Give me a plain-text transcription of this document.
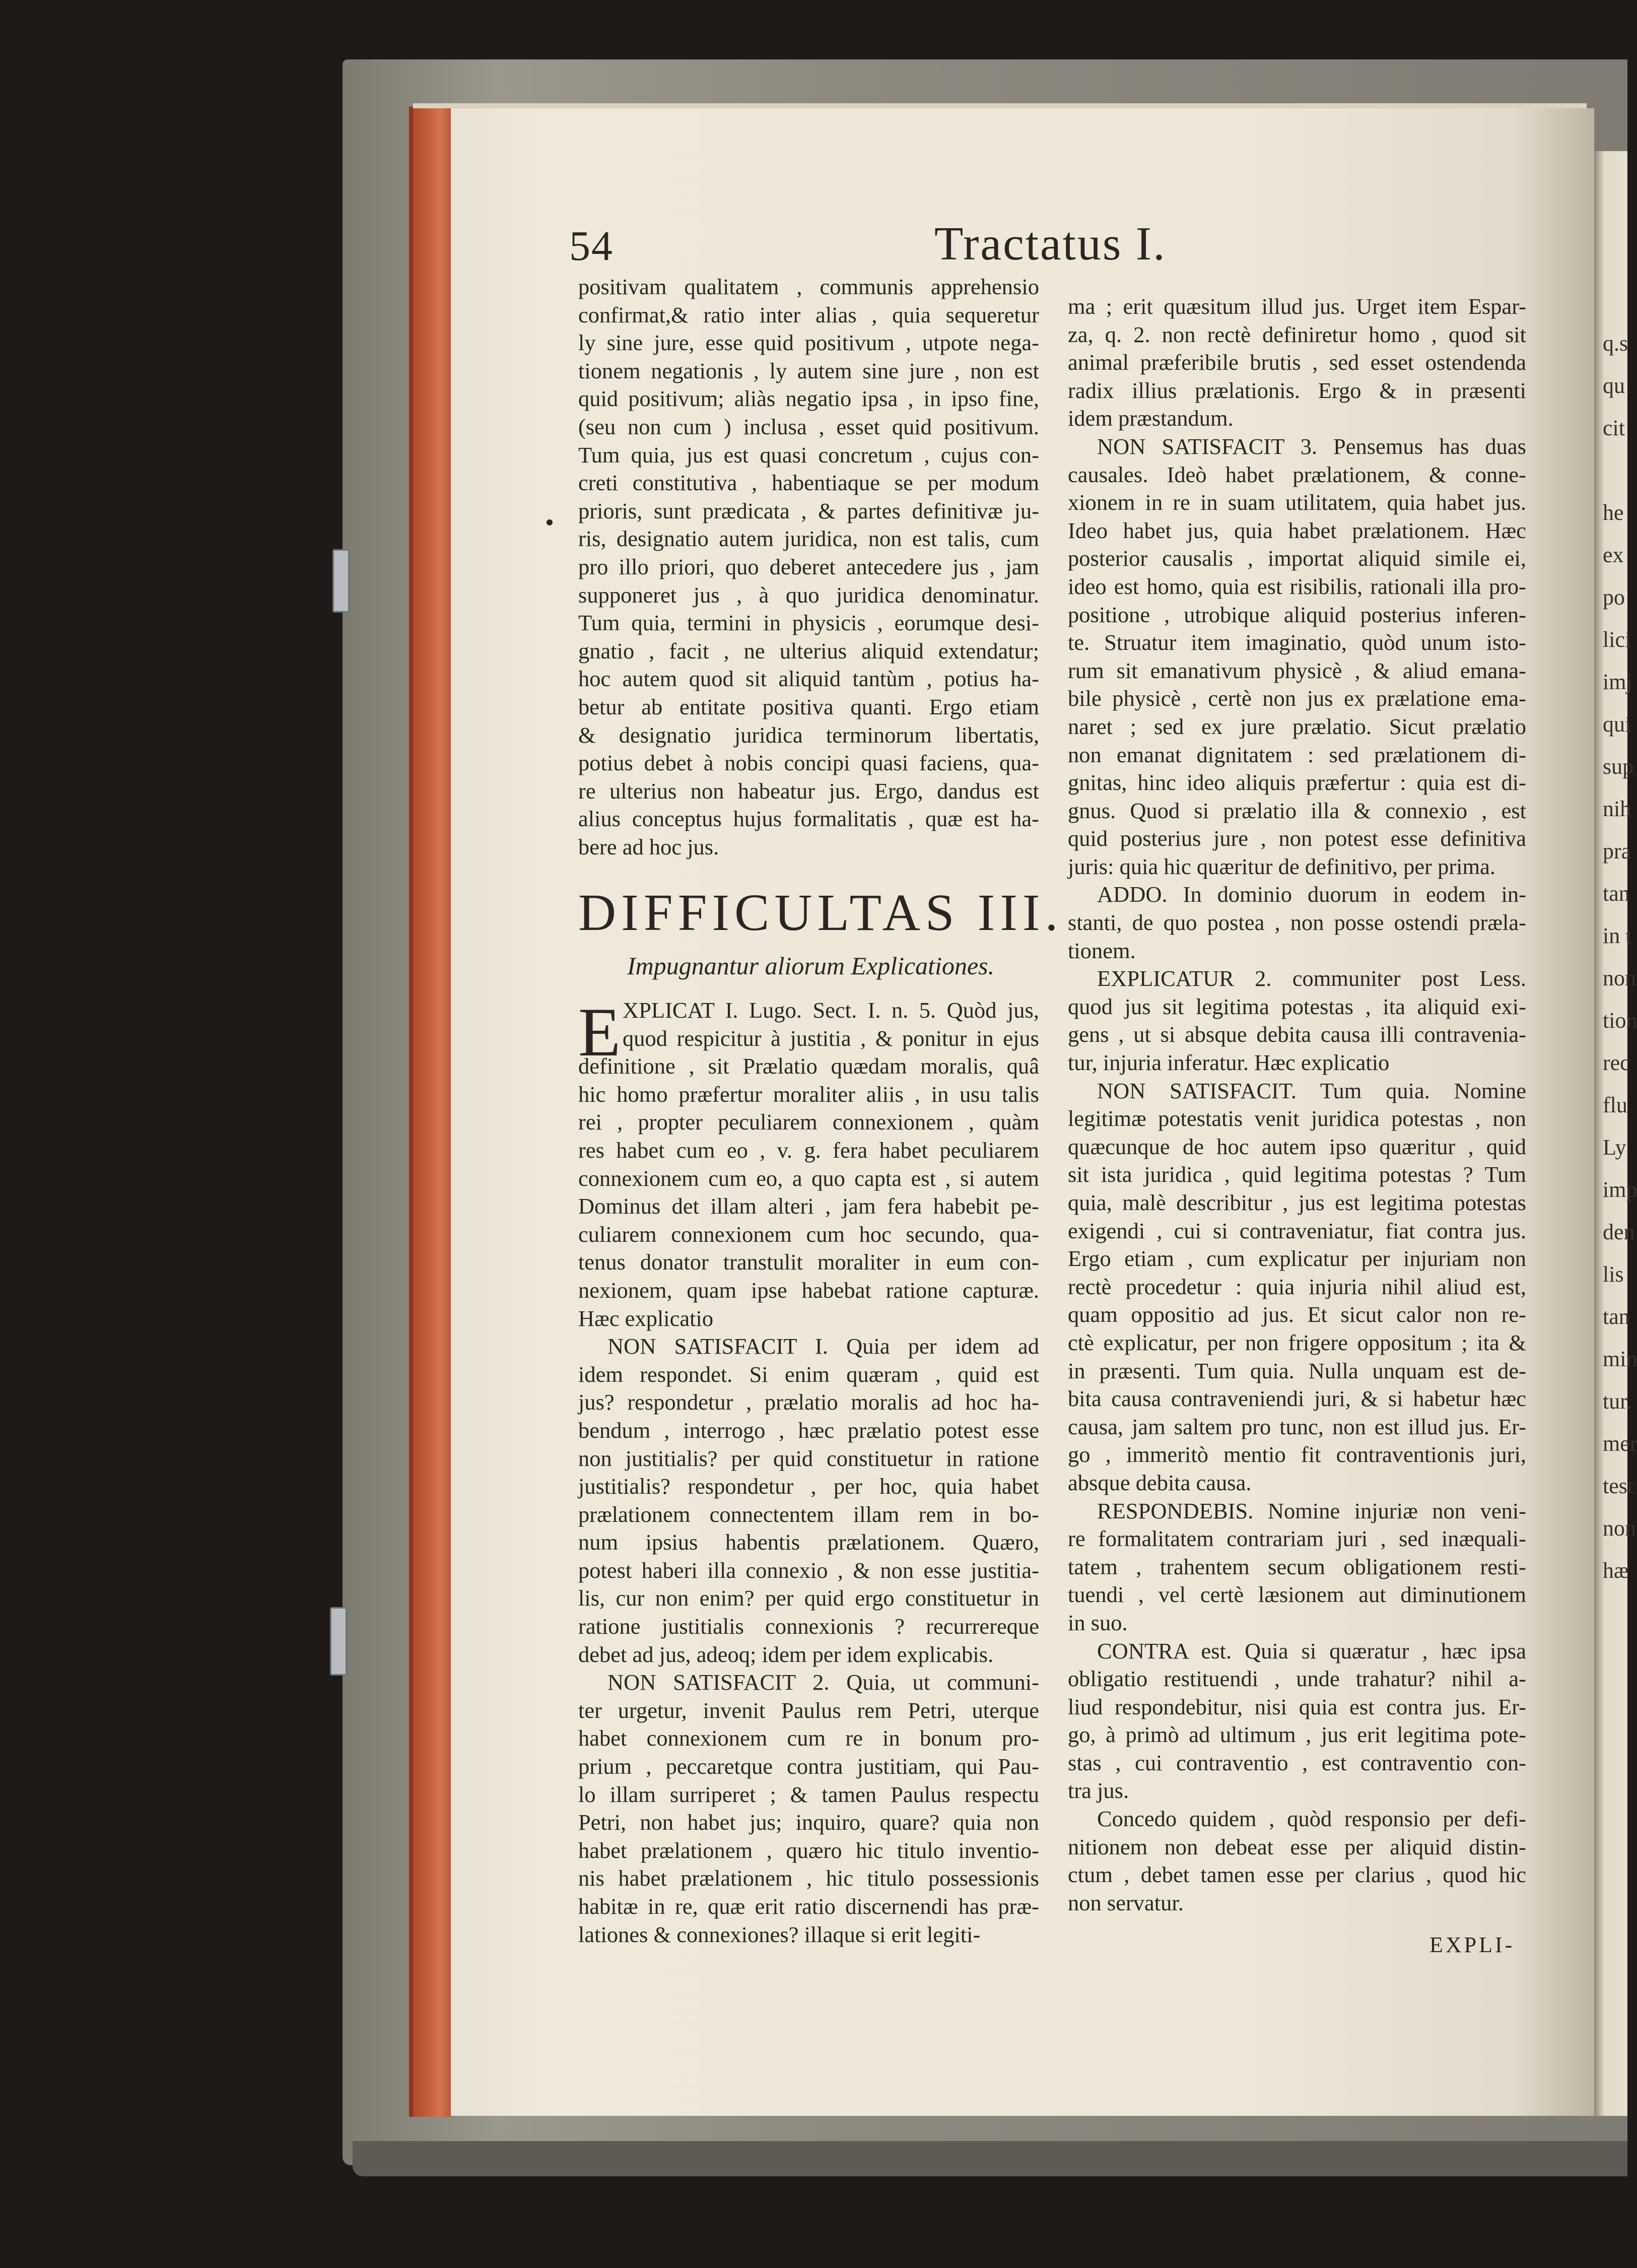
q.s
qu
cit

he
ex
po
lici
imj
qui
sup
nih
pra
tan
in t
non
tion
rec
flu
Ly
imp
den
lis
tan
min
tur.
mer
test
non
hæ
54	Tractatus I.
positivam qualitatem , communis apprehensio
confirmat,& ratio inter alias , quia sequeretur
ly sine jure, esse quid positivum , utpote nega-
tionem negationis , ly autem sine jure , non est
quid positivum; aliàs negatio ipsa , in ipso fine,
(seu non cum ) inclusa , esset quid positivum.
Tum quia, jus est quasi concretum , cujus con-
creti constitutiva , habentiaque se per modum
prioris, sunt prædicata , & partes definitivæ ju-
ris, designatio autem juridica, non est talis, cum
pro illo priori, quo deberet antecedere jus , jam
supponeret jus , à quo juridica denominatur.
Tum quia, termini in physicis , eorumque desi-
gnatio , facit , ne ulterius aliquid extendatur;
hoc autem quod sit aliquid tantùm , potius ha-
betur ab entitate positiva quanti. Ergo etiam
& designatio juridica terminorum libertatis,
potius debet à nobis concipi quasi faciens, qua-
re ulterius non habeatur jus. Ergo, dandus est
alius conceptus hujus formalitatis , quæ est ha-
bere ad hoc jus.
DIFFICULTAS III.
Impugnantur aliorum Explicationes.
E XPLICAT I. Lugo. Sect. I. n. 5. Quòd jus,
quod respicitur à justitia , & ponitur in ejus
definitione , sit Prælatio quædam moralis, quâ
hic homo præfertur moraliter aliis , in usu talis
rei , propter peculiarem connexionem , quàm
res habet cum eo , v. g. fera habet peculiarem
connexionem cum eo, a quo capta est , si autem
Dominus det illam alteri , jam fera habebit pe-
culiarem connexionem cum hoc secundo, qua-
tenus donator transtulit moraliter in eum con-
nexionem, quam ipse habebat ratione capturæ.
Hæc explicatio
NON SATISFACIT I. Quia per idem ad
idem respondet. Si enim quæram , quid est
jus? respondetur , prælatio moralis ad hoc ha-
bendum , interrogo , hæc prælatio potest esse
non justitialis? per quid constituetur in ratione
justitialis? respondetur , per hoc, quia habet
prælationem connectentem illam rem in bo-
num ipsius habentis prælationem. Quæro,
potest haberi illa connexio , & non esse justitia-
lis, cur non enim? per quid ergo constituetur in
ratione justitialis connexionis ? recurrereque
debet ad jus, adeoq; idem per idem explicabis.
NON SATISFACIT 2. Quia, ut communi-
ter urgetur, invenit Paulus rem Petri, uterque
habet connexionem cum re in bonum pro-
prium , peccaretque contra justitiam, qui Pau-
lo illam surriperet ; & tamen Paulus respectu
Petri, non habet jus; inquiro, quare? quia non
habet prælationem , quæro hic titulo inventio-
nis habet prælationem , hic titulo possessionis
habitæ in re, quæ erit ratio discernendi has præ-
lationes & connexiones? illaque si erit legiti-
ma ; erit quæsitum illud jus. Urget item Espar-
za, q. 2. non rectè definiretur homo , quod sit
animal præferibile brutis , sed esset ostendenda
radix illius prælationis. Ergo & in præsenti
idem præstandum.
NON SATISFACIT 3. Pensemus has duas
causales. Ideò habet prælationem, & conne-
xionem in re in suam utilitatem, quia habet jus.
Ideo habet jus, quia habet prælationem. Hæc
posterior causalis , importat aliquid simile ei,
ideo est homo, quia est risibilis, rationali illa pro-
positione , utrobique aliquid posterius inferen-
te. Struatur item imaginatio, quòd unum isto-
rum sit emanativum physicè , & aliud emana-
bile physicè , certè non jus ex prælatione ema-
naret ; sed ex jure prælatio. Sicut prælatio
non emanat dignitatem : sed prælationem di-
gnitas, hinc ideo aliquis præfertur : quia est di-
gnus. Quod si prælatio illa & connexio , est
quid posterius jure , non potest esse definitiva
juris: quia hic quæritur de definitivo, per prima.
ADDO. In dominio duorum in eodem in-
stanti, de quo postea , non posse ostendi præla-
tionem.
EXPLICATUR 2. communiter post Less.
quod jus sit legitima potestas , ita aliquid exi-
gens , ut si absque debita causa illi contravenia-
tur, injuria inferatur. Hæc explicatio
NON SATISFACIT. Tum quia. Nomine
legitimæ potestatis venit juridica potestas , non
quæcunque de hoc autem ipso quæritur , quid
sit ista juridica , quid legitima potestas ? Tum
quia, malè describitur , jus est legitima potestas
exigendi , cui si contraveniatur, fiat contra jus.
Ergo etiam , cum explicatur per injuriam non
rectè procedetur : quia injuria nihil aliud est,
quam oppositio ad jus. Et sicut calor non re-
ctè explicatur, per non frigere oppositum ; ita &
in præsenti. Tum quia. Nulla unquam est de-
bita causa contraveniendi juri, & si habetur hæc
causa, jam saltem pro tunc, non est illud jus. Er-
go , immeritò mentio fit contraventionis juri,
absque debita causa.
RESPONDEBIS. Nomine injuriæ non veni-
re formalitatem contrariam juri , sed inæquali-
tatem , trahentem secum obligationem resti-
tuendi , vel certè læsionem aut diminutionem
in suo.
CONTRA est. Quia si quæratur , hæc ipsa
obligatio restituendi , unde trahatur? nihil a-
liud respondebitur, nisi quia est contra jus. Er-
go, à primò ad ultimum , jus erit legitima pote-
stas , cui contraventio , est contraventio con-
tra jus.
Concedo quidem , quòd responsio per defi-
nitionem non debeat esse per aliquid distin-
ctum , debet tamen esse per clarius , quod hic
non servatur.
EXPLI-
